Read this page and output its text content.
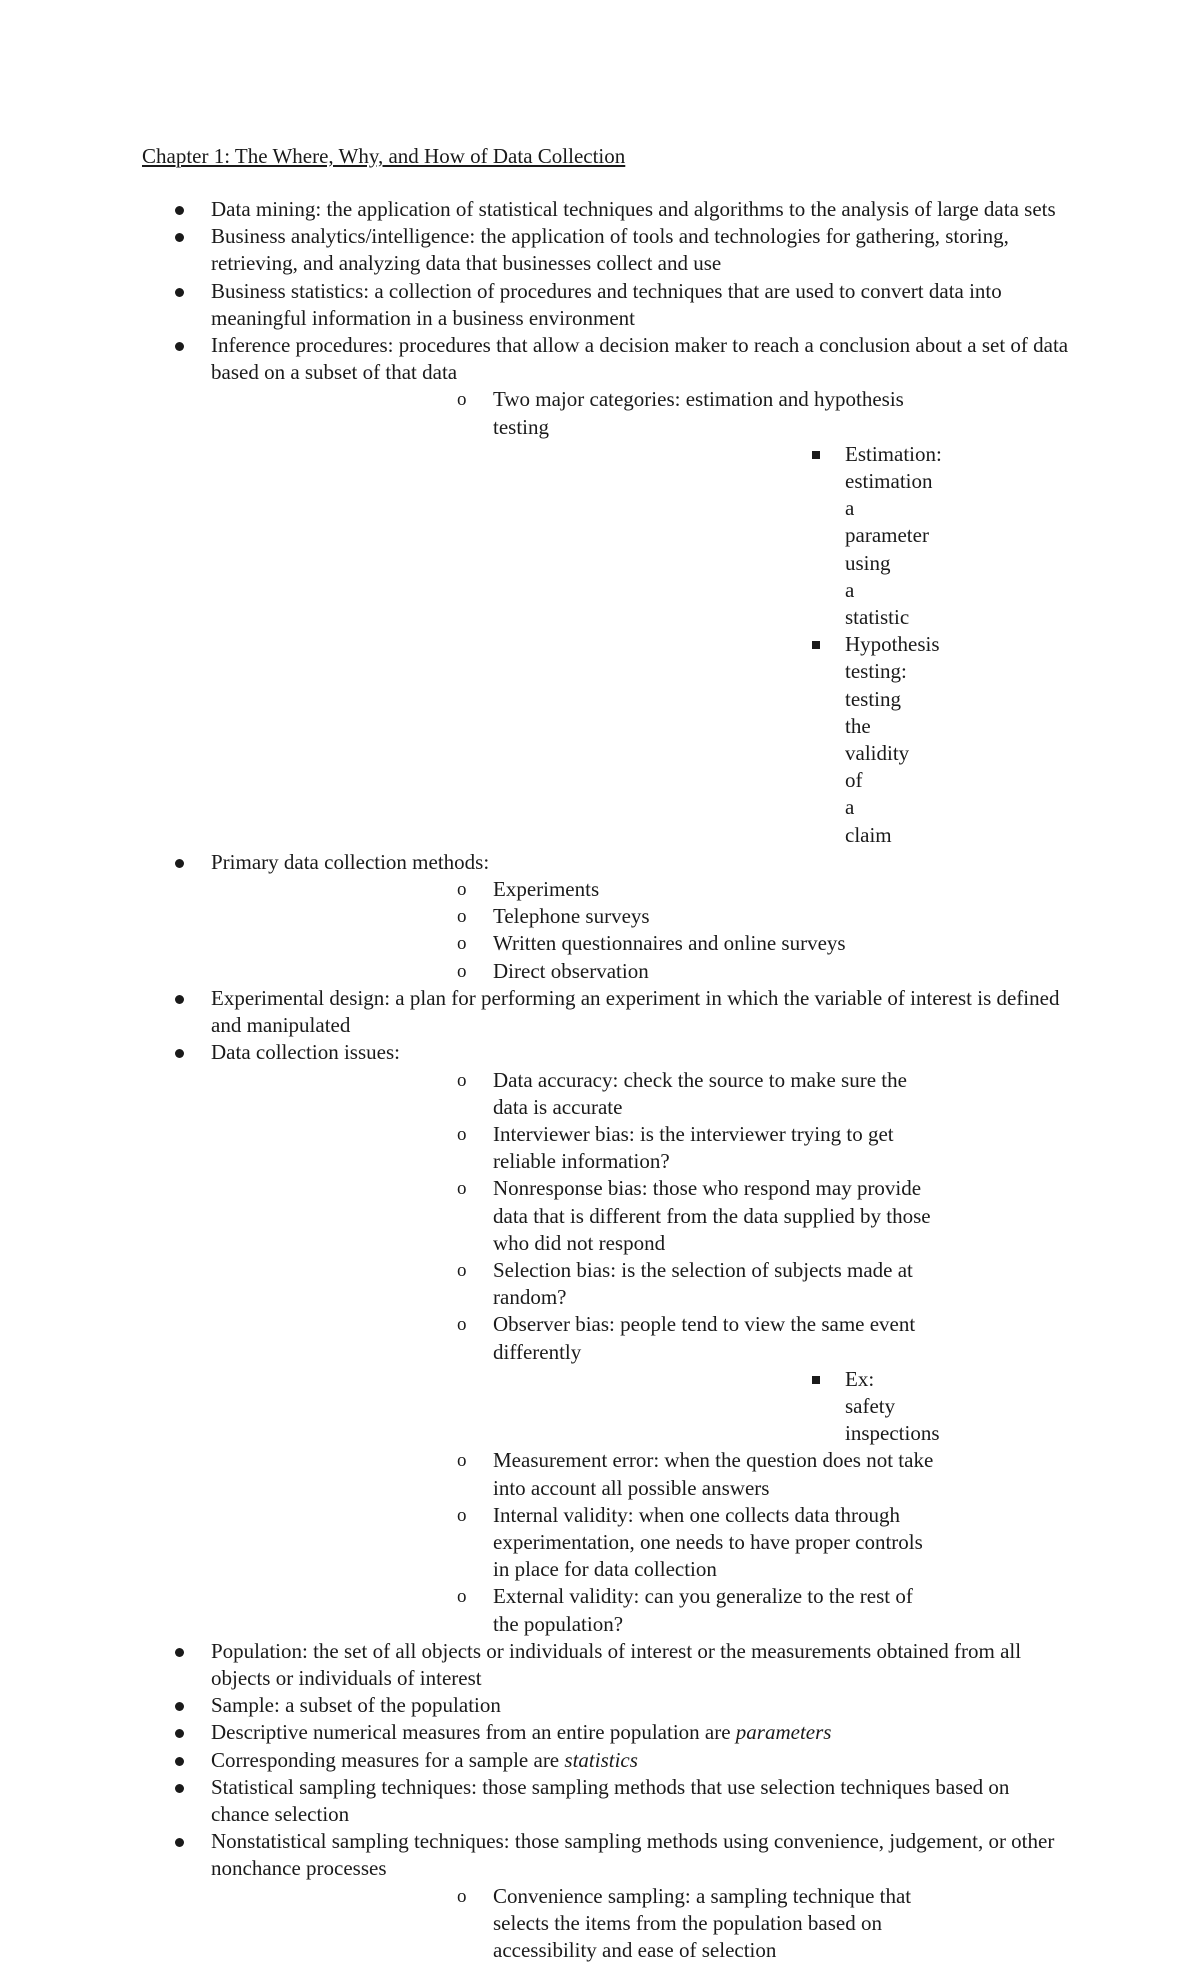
Chapter 1: The Where, Why, and How of Data Collection
Data mining: the application of statistical techniques and algorithms to the analysis of large data sets
Business analytics/intelligence: the application of tools and technologies for gathering, storing, retrieving, and analyzing data that businesses collect and use
Business statistics: a collection of procedures and techniques that are used to convert data into meaningful information in a business environment
Inference procedures: procedures that allow a decision maker to reach a conclusion about a set of data based on a subset of that data
o Two major categories: estimation and hypothesis testing
Estimation: estimation a parameter using a statistic
Hypothesis testing: testing the validity of a claim
Primary data collection methods:
o Experiments
o Telephone surveys
o Written questionnaires and online surveys
o Direct observation
Experimental design: a plan for performing an experiment in which the variable of interest is defined and manipulated
Data collection issues:
o Data accuracy: check the source to make sure the data is accurate
o Interviewer bias: is the interviewer trying to get reliable information?
o Nonresponse bias: those who respond may provide data that is different from the data supplied by those who did not respond
o Selection bias: is the selection of subjects made at random?
o Observer bias: people tend to view the same event differently
Ex: safety inspections
o Measurement error: when the question does not take into account all possible answers
o Internal validity: when one collects data through experimentation, one needs to have proper controls in place for data collection
o External validity: can you generalize to the rest of the population?
Population: the set of all objects or individuals of interest or the measurements obtained from all objects or individuals of interest
Sample: a subset of the population
Descriptive numerical measures from an entire population are parameters
Corresponding measures for a sample are statistics
Statistical sampling techniques: those sampling methods that use selection techniques based on chance selection
Nonstatistical sampling techniques: those sampling methods using convenience, judgement, or other nonchance processes
o Convenience sampling: a sampling technique that selects the items from the population based on accessibility and ease of selection
